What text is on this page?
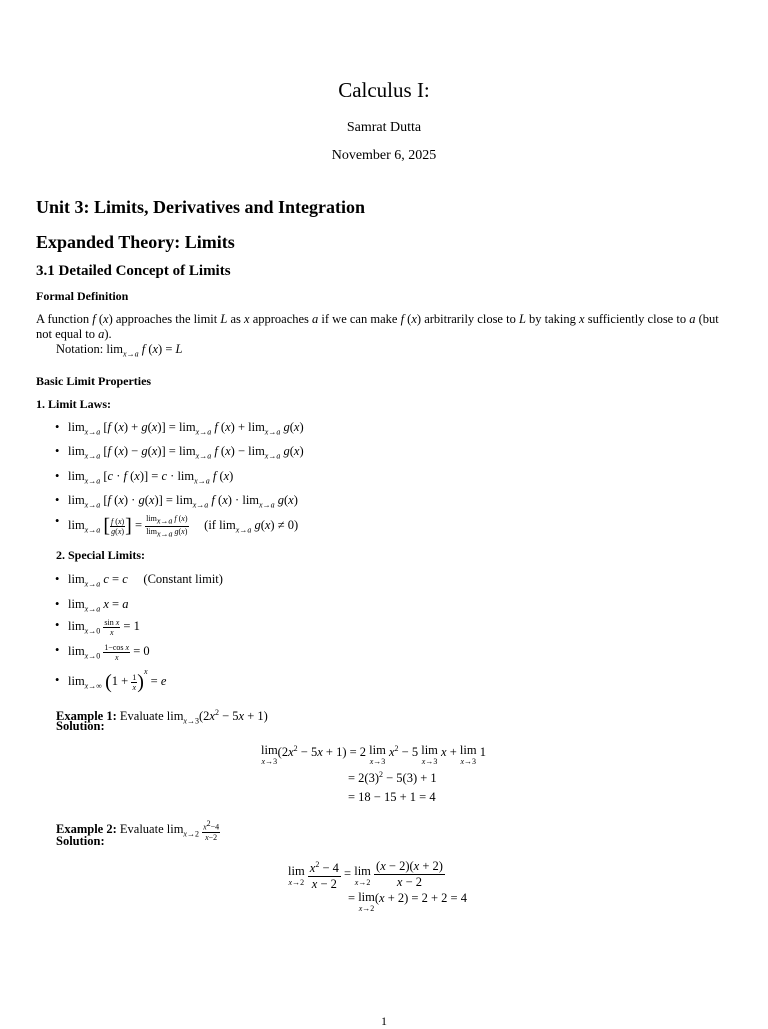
Calculus I:
Samrat Dutta
November 6, 2025
Unit 3: Limits, Derivatives and Integration
Expanded Theory: Limits
3.1 Detailed Concept of Limits
Formal Definition
A function f (x) approaches the limit L as x approaches a if we can make f (x) arbitrarily close to L by taking x sufficiently close to a (but not equal to a).
Notation: $\lim_{x\to a} f$ (x) = L
Basic Limit Properties
1. Limit Laws:
• $\lim_{x\to a} [f$ $(x) + g(x)] = \lim_{x\to a} f$ $(x) + \lim_{x\to a} g(x)$
• $\lim_{x\to a} [f$ $(x) - g(x)] = \lim_{x\to a} f$ $(x) - \lim_{x\to a} g(x)$
• $\lim_{x\to a} [c \cdot f$ $(x)] = c \cdot \lim_{x\to a} f$ (x)
• $\lim_{x\to a} [f$ $(x) \cdot g(x)] = \lim_{x\to a} f$ $(x) \cdot \lim_{x\to a} g(x)$
• $\lim_{x\to a}$ [ $\frac{f (x)}{g(x)}$ ] = $\frac{\lim_{x\to a} f (x)}{\lim_{x\to a} g(x)} (if$ $\lim_{x\to a} g(x) \ne 0$)
2. Special Limits:
• $\lim_{x\to a} c = c$ (Constant limit)
• $\lim_{x\to a} x = a$
• $\lim_{x\to 0} \frac{\text{sin x}}{x} = 1$
• $\lim_{x\to 0} \frac{\text{1−cos x}}{x} = 0$
• $\lim_{x\to\infty} (1 + \frac{1}{x} )^x = e$
Example 1: Evaluate $\lim_{x\to 3}(2x^2 - 5x + 1)$
Solution:
lim
x→3
$(2x^2 - 5x + 1) = 2$ lim
x→3
$x^2 - 5$ lim
x→3
x + lim
x→3
1
= $2(3)^2 - 5(3) + 1$
= 18 − 15 + 1 = 4
Example 2: Evaluate $\lim_{x\to 2} \frac{x^2-4}{x-2}$
Solution:
lim
x→2
$\frac{x^2 - 4}{x - 2} = \lim$
x→2
$\frac{(x - 2)(x + 2)}{x - 2}$
= lim
x→2
(x + 2) = 2 + 2 = 4
1
